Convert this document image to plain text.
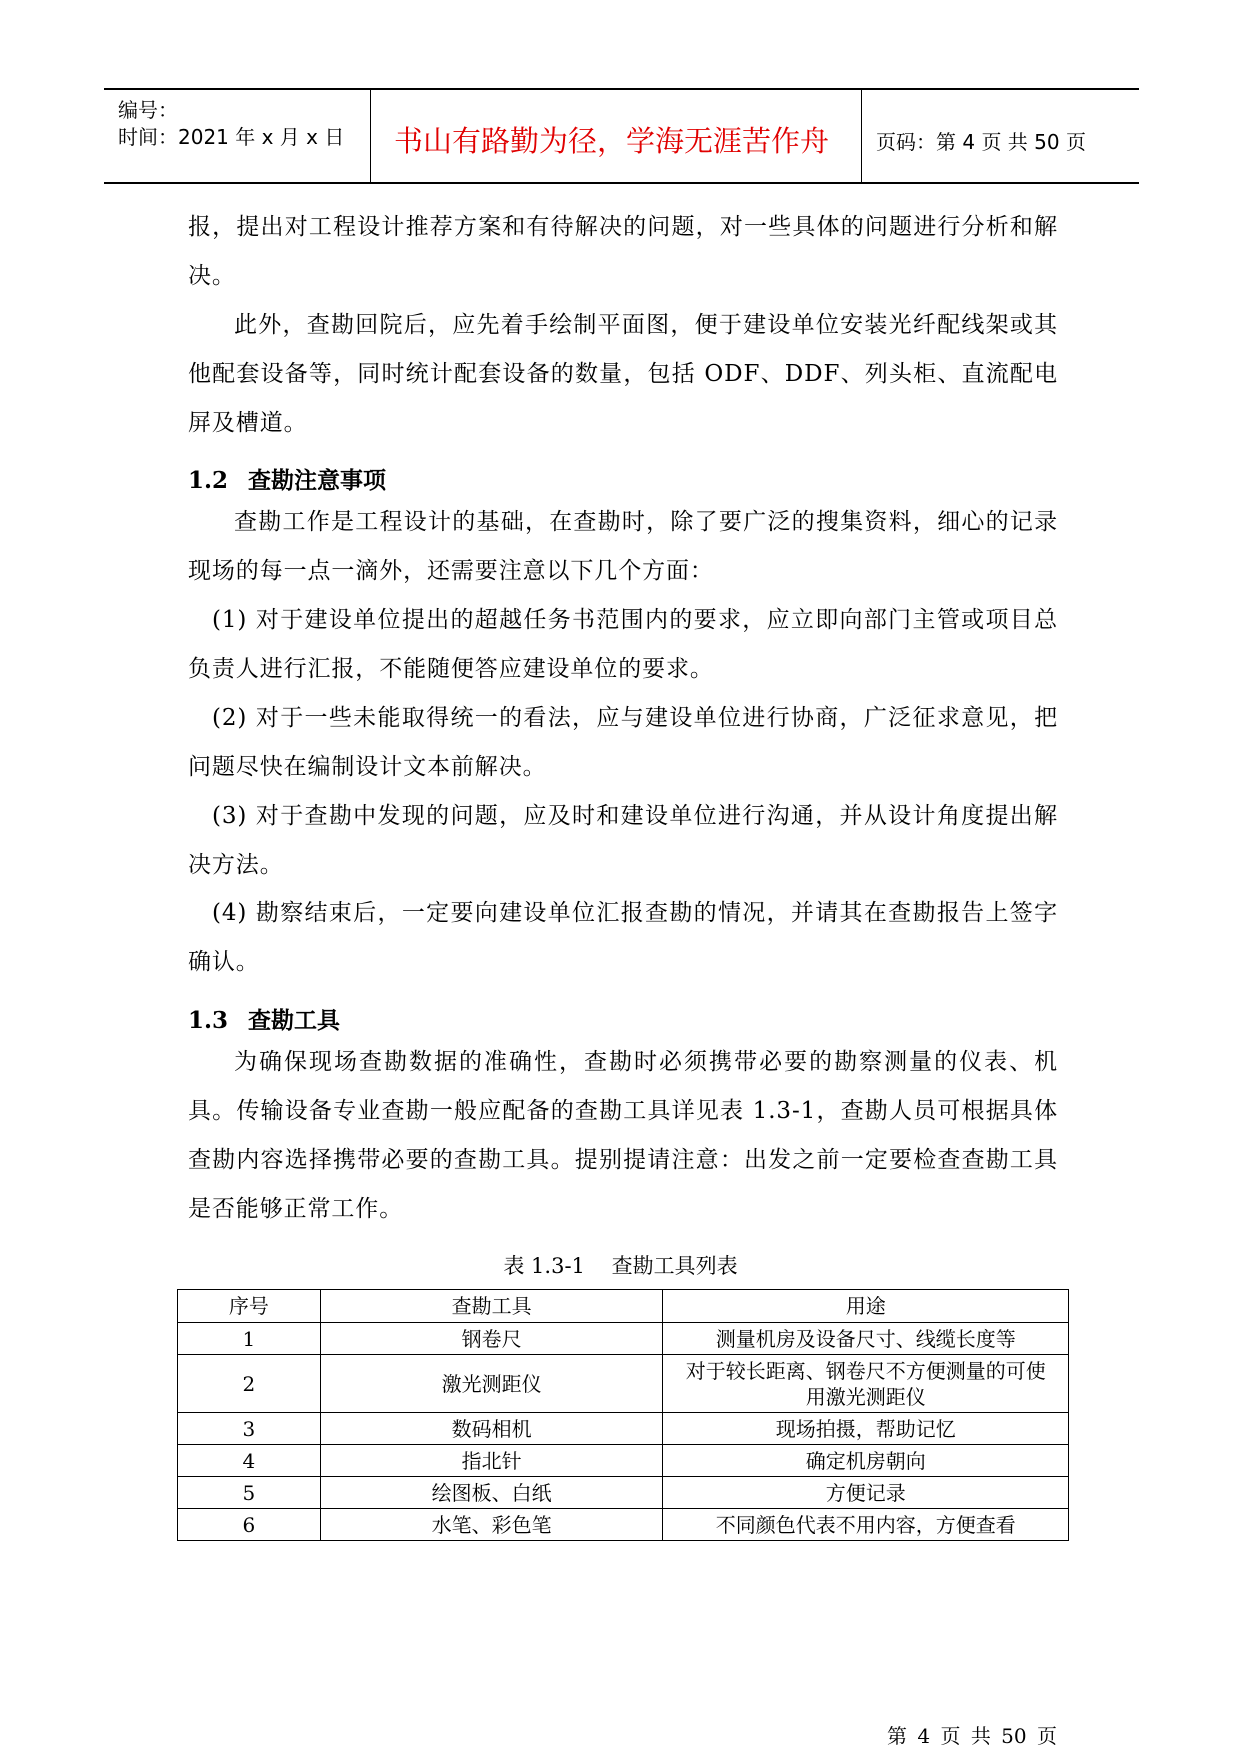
编号：
时间：2021 年 x 月 x 日 书山有路勤为径，学海无涯苦作舟 页码：第 4 页 共 50 页
报，提出对工程设计推荐方案和有待解决的问题，对一些具体的问题进行分析和解决。
此外，查勘回院后，应先着手绘制平面图，便于建设单位安装光纤配线架或其他配套设备等，同时统计配套设备的数量，包括 ODF、DDF、列头柜、直流配电屏及槽道。
1.2 查勘注意事项
查勘工作是工程设计的基础，在查勘时，除了要广泛的搜集资料，细心的记录现场的每一点一滴外，还需要注意以下几个方面：
(1) 对于建设单位提出的超越任务书范围内的要求，应立即向部门主管或项目总负责人进行汇报，不能随便答应建设单位的要求。
(2) 对于一些未能取得统一的看法，应与建设单位进行协商，广泛征求意见，把问题尽快在编制设计文本前解决。
(3) 对于查勘中发现的问题，应及时和建设单位进行沟通，并从设计角度提出解决方法。
(4) 勘察结束后，一定要向建设单位汇报查勘的情况，并请其在查勘报告上签字确认。
1.3 查勘工具
为确保现场查勘数据的准确性，查勘时必须携带必要的勘察测量的仪表、机具。传输设备专业查勘一般应配备的查勘工具详见表 1.3-1，查勘人员可根据具体查勘内容选择携带必要的查勘工具。提别提请注意：出发之前一定要检查查勘工具是否能够正常工作。
表 1.3-1    查勘工具列表
序号	查勘工具	用途
1	钢卷尺	测量机房及设备尺寸、线缆长度等
2	激光测距仪	对于较长距离、钢卷尺不方便测量的可使用激光测距仪
3	数码相机	现场拍摄，帮助记忆
4	指北针	确定机房朝向
5	绘图板、白纸	方便记录
6	水笔、彩色笔	不同颜色代表不用内容，方便查看
第 4 页 共 50 页
